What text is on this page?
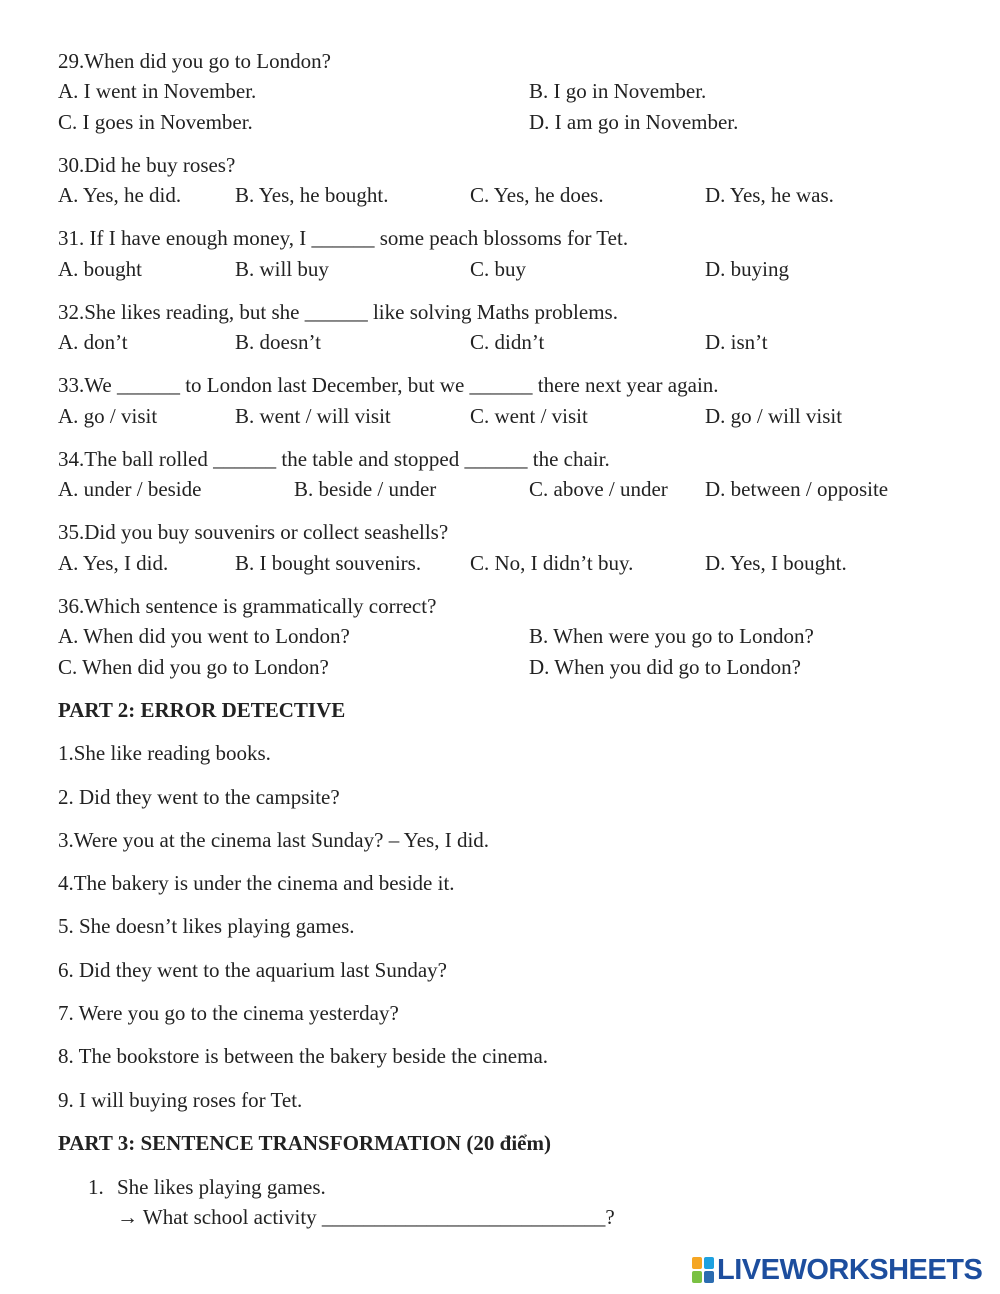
29.When did you go to London?
A. I went in November.	B. I go in November.
C. I goes in November.	D. I am go in November.
30.Did he buy roses?
A. Yes, he did.	B. Yes, he bought.	C. Yes, he does.	D. Yes, he was.
31. If I have enough money, I ______ some peach blossoms for Tet.
A. bought	B. will buy	C. buy	D. buying
32.She likes reading, but she ______ like solving Maths problems.
A. don’t	B. doesn’t	C. didn’t	D. isn’t
33.We ______ to London last December, but we ______ there next year again.
A. go / visit	B. went / will visit	C. went / visit	D. go / will visit
34.The ball rolled ______ the table and stopped ______ the chair.
A. under / beside	B. beside / under	C. above / under D. between / opposite
35.Did you buy souvenirs or collect seashells?
A. Yes, I did.	B. I bought souvenirs. C. No, I didn’t buy.	D. Yes, I bought.
36.Which sentence is grammatically correct?
A. When did you went to London?	B. When were you go to London?
C. When did you go to London?	D. When you did go to London?
PART 2: ERROR DETECTIVE
1.She like reading books.
2. Did they went to the campsite?
3.Were you at the cinema last Sunday? – Yes, I did.
4.The bakery is under the cinema and beside it.
5. She doesn’t likes playing games.
6. Did they went to the aquarium last Sunday?
7. Were you go to the cinema yesterday?
8. The bookstore is between the bakery beside the cinema.
9. I will buying roses for Tet.
PART 3: SENTENCE TRANSFORMATION (20 điểm)
1. She likes playing games.
→ What school activity ___________________________?
LIVEWORKSHEETS
